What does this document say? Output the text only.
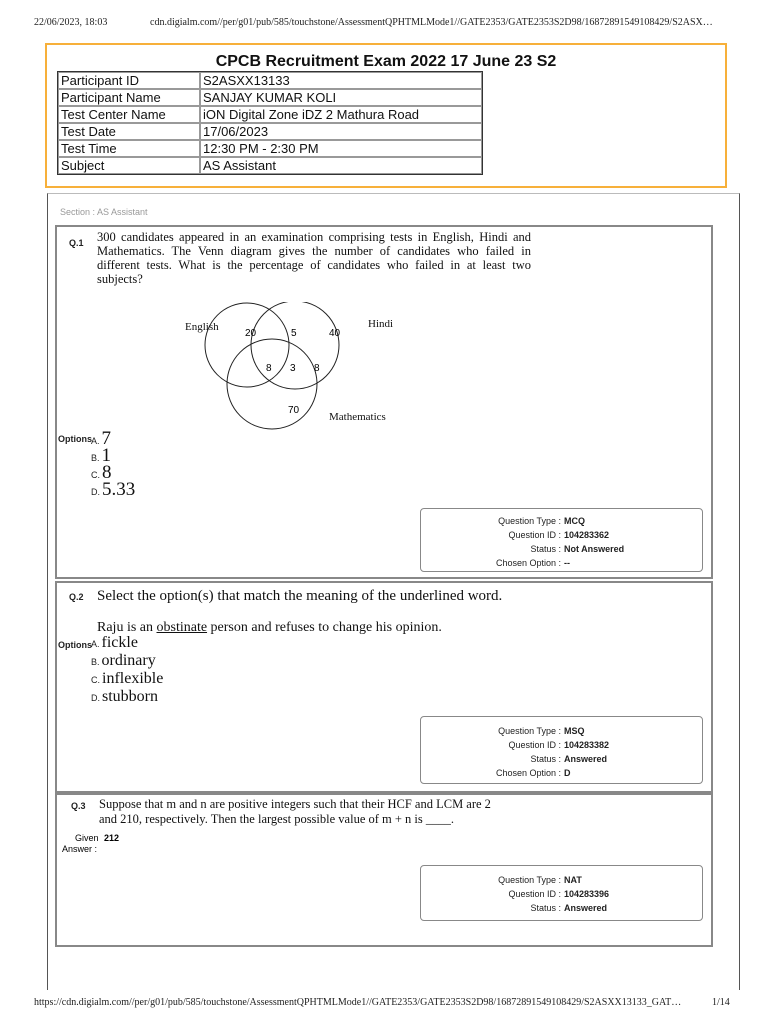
22/06/2023, 18:03	cdn.digialm.com//per/g01/pub/585/touchstone/AssessmentQPHTMLMode1//GATE2353/GATE2353S2D98/16872891549108429/S2ASX…
CPCB Recruitment Exam 2022 17 June 23 S2
Participant ID	S2ASXX13133
Participant Name	SANJAY KUMAR KOLI
Test Center Name	iON Digital Zone iDZ 2 Mathura Road
Test Date	17/06/2023
Test Time	12:30 PM - 2:30 PM
Subject	AS Assistant
Section : AS Assistant
Q.1 300 candidates appeared in an examination comprising tests in English, Hindi and Mathematics. The Venn diagram gives the number of candidates who failed in different tests. What is the percentage of candidates who failed in at least two subjects?
English	Hindi
Mathematics
20	5	40
8 3 8
70
Options A. 7
B. 1
C. 8
D. 5.33
Question Type : MCQ
Question ID : 104283362
Status : Not Answered
Chosen Option : --
Q.2 Select the option(s) that match the meaning of the underlined word.
Raju is an obstinate person and refuses to change his opinion.
Options A. fickle
B. ordinary
C. inflexible
D. stubborn
Question Type : MSQ
Question ID : 104283382
Status : Answered
Chosen Option : D
Q.3 Suppose that m and n are positive integers such that their HCF and LCM are 2
and 210, respectively. Then the largest possible value of m + n is ____.
Given 212
Answer :
Question Type : NAT
Question ID : 104283396
Status : Answered
https://cdn.digialm.com//per/g01/pub/585/touchstone/AssessmentQPHTMLMode1//GATE2353/GATE2353S2D98/16872891549108429/S2ASXX13133_GAT…	1/14
